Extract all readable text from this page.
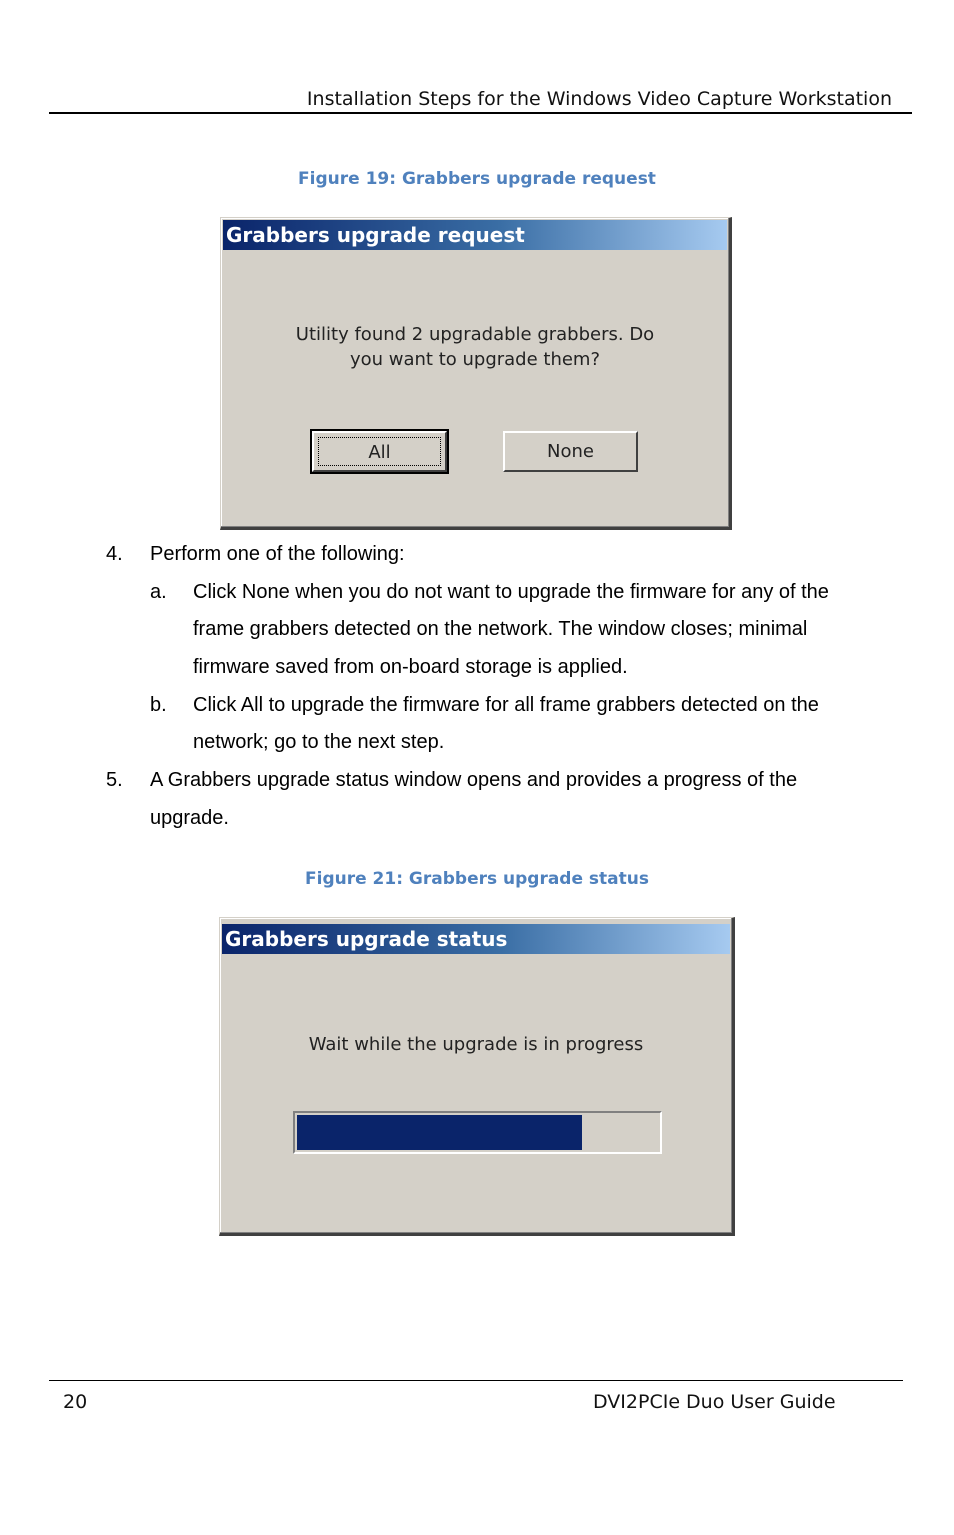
Installation Steps for the Windows Video Capture Workstation
Figure 19: Grabbers upgrade request
Grabbers upgrade request
Utility found 2 upgradable grabbers. Do
you want to upgrade them?
All	None
4. Perform one of the following:
a. Click None when you do not want to upgrade the firmware for any of the
frame grabbers detected on the network. The window closes; minimal
firmware saved from on-board storage is applied.
b. Click All to upgrade the firmware for all frame grabbers detected on the
network; go to the next step.
5. A Grabbers upgrade status window opens and provides a progress of the
upgrade.
Figure 21: Grabbers upgrade status
Grabbers upgrade status
Wait while the upgrade is in progress
20	DVI2PCIe Duo User Guide
